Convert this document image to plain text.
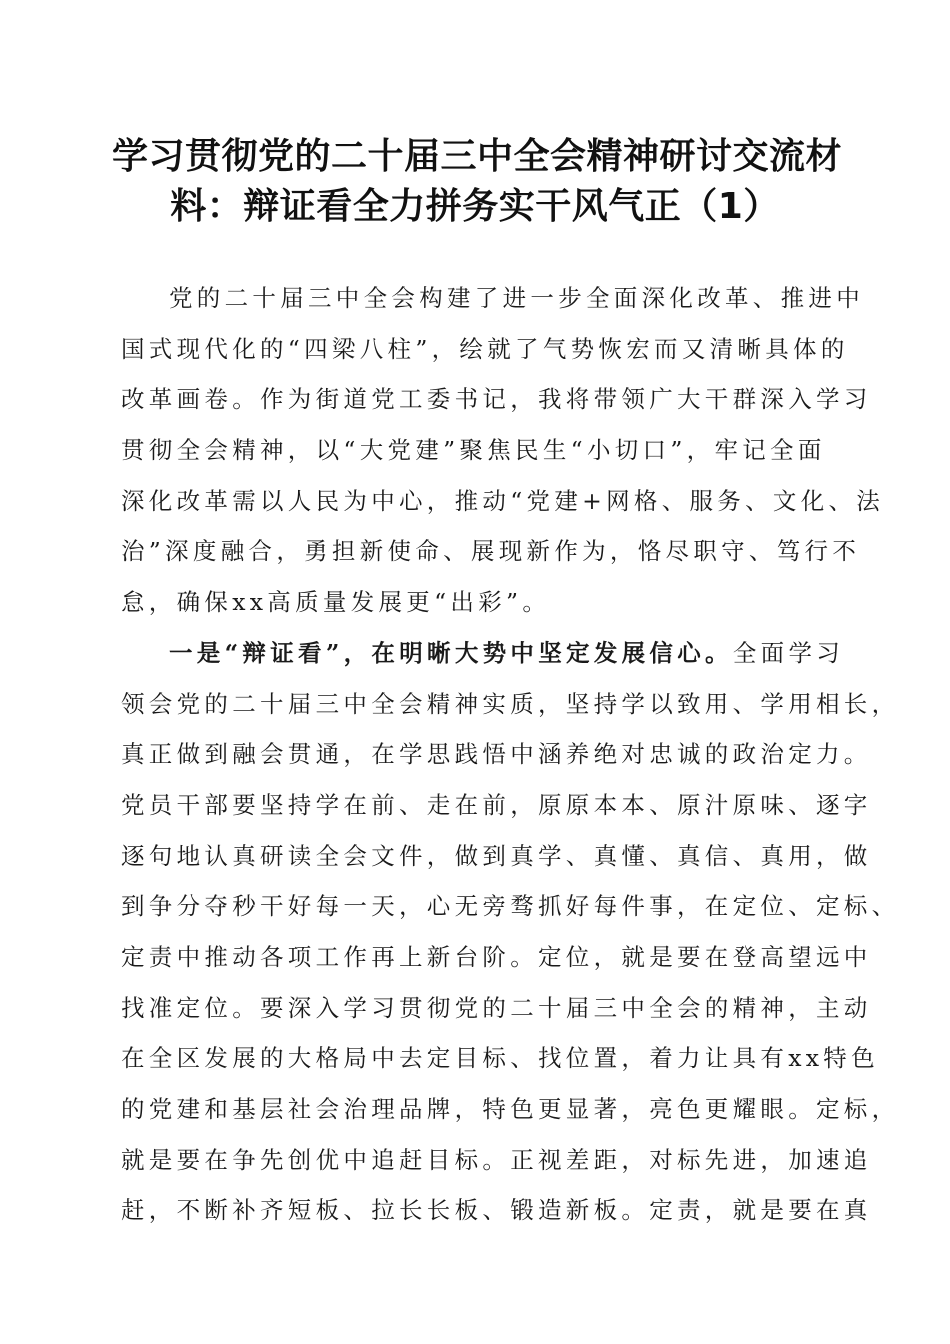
学习贯彻党的二十届三中全会精神研讨交流材
料：辩证看全力拼务实干风气正（1）
党的二十届三中全会构建了进一步全面深化改革、推进中
国式现代化的“四梁八柱”，绘就了气势恢宏而又清晰具体的
改革画卷。作为街道党工委书记，我将带领广大干群深入学习
贯彻全会精神，以“大党建”聚焦民生“小切口”，牢记全面
深化改革需以人民为中心，推动“党建+网格、服务、文化、法
治”深度融合，勇担新使命、展现新作为，恪尽职守、笃行不
怠，确保xx高质量发展更“出彩”。
一是“辩证看”，在明晰大势中坚定发展信心。全面学习
领会党的二十届三中全会精神实质，坚持学以致用、学用相长，
真正做到融会贯通，在学思践悟中涵养绝对忠诚的政治定力。
党员干部要坚持学在前、走在前，原原本本、原汁原味、逐字
逐句地认真研读全会文件，做到真学、真懂、真信、真用，做
到争分夺秒干好每一天，心无旁骛抓好每件事，在定位、定标、
定责中推动各项工作再上新台阶。定位，就是要在登高望远中
找准定位。要深入学习贯彻党的二十届三中全会的精神，主动
在全区发展的大格局中去定目标、找位置，着力让具有xx特色
的党建和基层社会治理品牌，特色更显著，亮色更耀眼。定标，
就是要在争先创优中追赶目标。正视差距，对标先进，加速追
赶，不断补齐短板、拉长长板、锻造新板。定责，就是要在真
